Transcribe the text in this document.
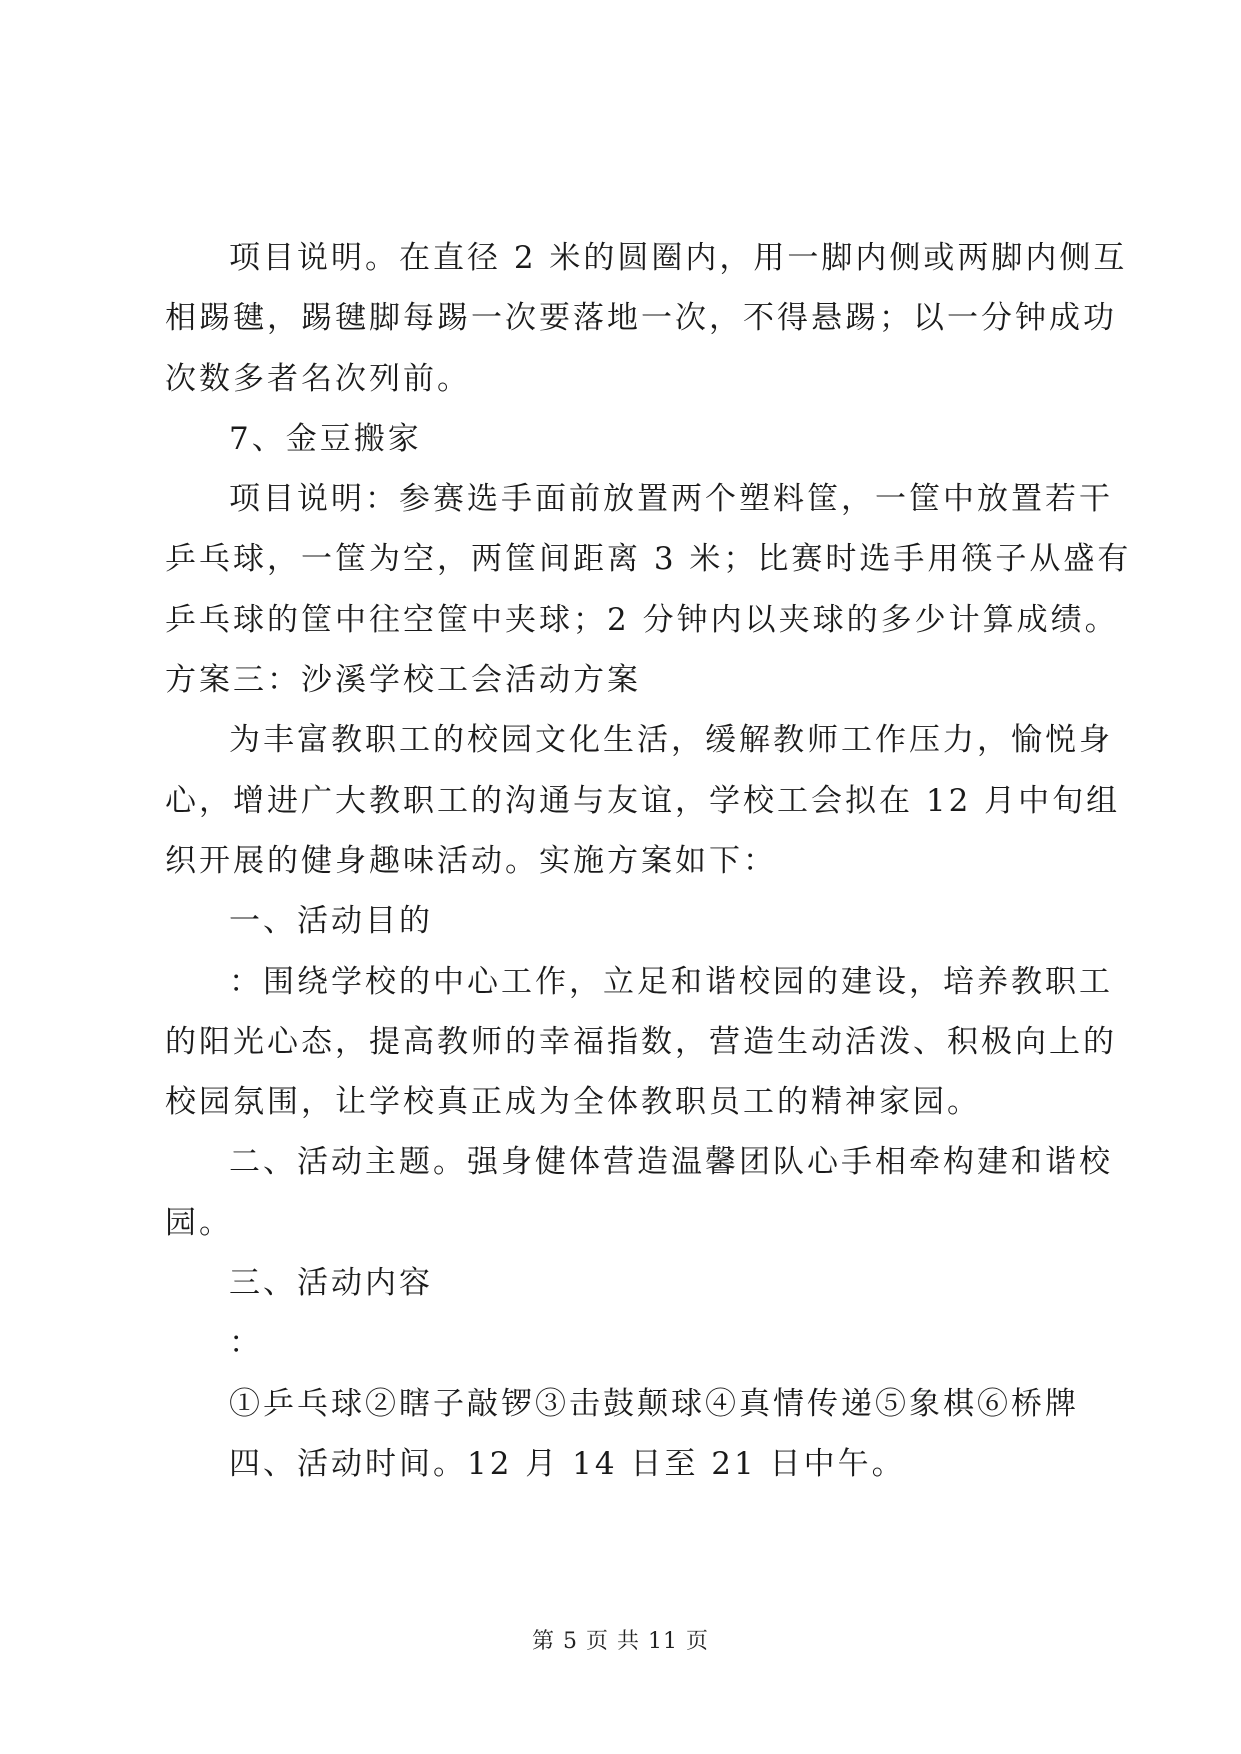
项目说明。在直径 2 米的圆圈内，用一脚内侧或两脚内侧互
相踢毽，踢毽脚每踢一次要落地一次，不得悬踢；以一分钟成功
次数多者名次列前。
7、金豆搬家
项目说明：参赛选手面前放置两个塑料筐，一筐中放置若干
乒乓球，一筐为空，两筐间距离 3 米；比赛时选手用筷子从盛有
乒乓球的筐中往空筐中夹球；2 分钟内以夹球的多少计算成绩。
方案三：沙溪学校工会活动方案
为丰富教职工的校园文化生活，缓解教师工作压力，愉悦身
心，增进广大教职工的沟通与友谊，学校工会拟在 12 月中旬组
织开展的健身趣味活动。实施方案如下：
一、活动目的
：围绕学校的中心工作，立足和谐校园的建设，培养教职工
的阳光心态，提高教师的幸福指数，营造生动活泼、积极向上的
校园氛围，让学校真正成为全体教职员工的精神家园。
二、活动主题。强身健体营造温馨团队心手相牵构建和谐校
园。
三、活动内容
：
①乒乓球②瞎子敲锣③击鼓颠球④真情传递⑤象棋⑥桥牌
四、活动时间。12 月 14 日至 21 日中午。
第 5 页 共 11 页
